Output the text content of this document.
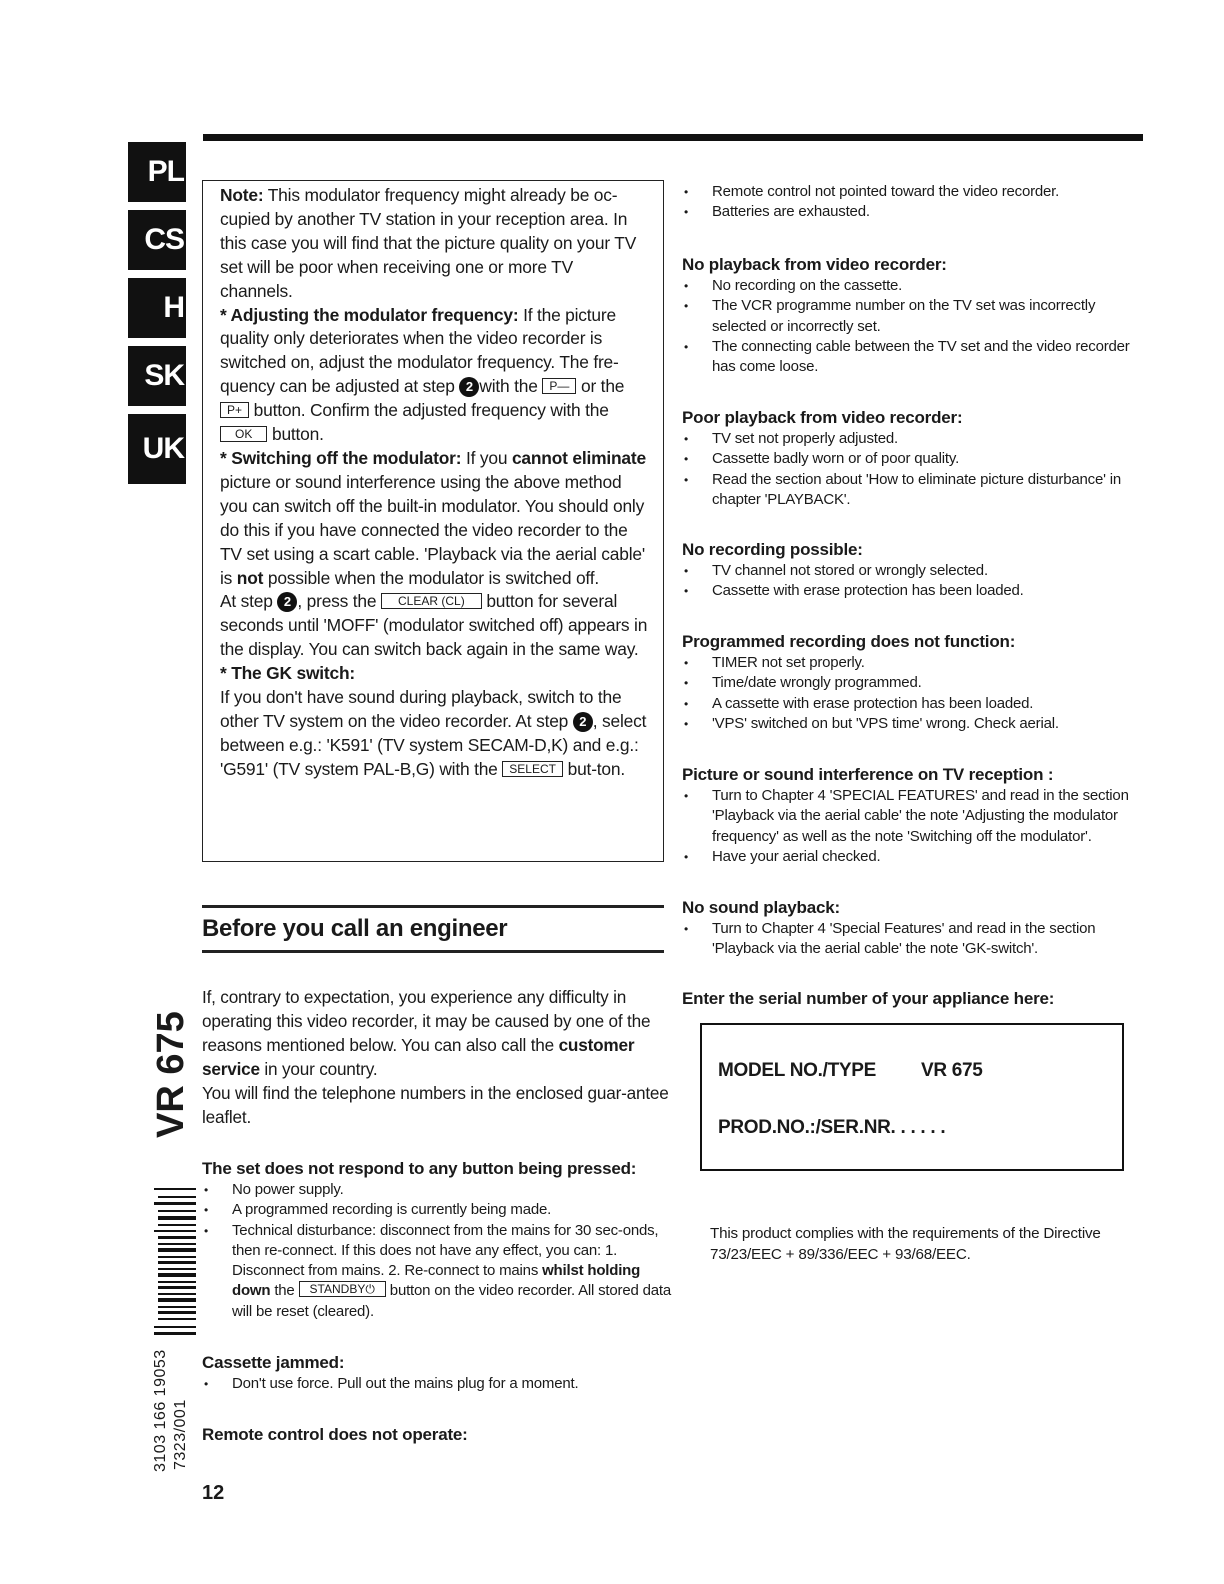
PL
CS
H
SK
UK

Note: This modulator frequency might already be oc-cupied by another TV station in your reception area. In this case you will find that the picture quality on your TV set will be poor when receiving one or more TV channels.

* Adjusting the modulator frequency: If the picture quality only deteriorates when the video recorder is switched on, adjust the modulator frequency. The fre-quency can be adjusted at step 2 with the P— or the P+ button. Confirm the adjusted frequency with the OK button.

* Switching off the modulator: If you cannot eliminate picture or sound interference using the above method you can switch off the built-in modulator. You should only do this if you have connected the video recorder to the TV set using a scart cable. 'Playback via the aerial cable' is not possible when the modulator is switched off.

At step 2 , press the CLEAR (CL) button for several seconds until 'MOFF' (modulator switched off) appears in the display. You can switch back again in the same way.

* The GK switch:

If you don't have sound during playback, switch to the other TV system on the video recorder. At step 2 , select between e.g.: 'K591' (TV system SECAM-D,K) and e.g.: 'G591' (TV system PAL-B,G) with the SELECT but-ton.

Before you call an engineer

If, contrary to expectation, you experience any difficulty in operating this video recorder, it may be caused by one of the reasons mentioned below. You can also call the customer service in your country.

You will find the telephone numbers in the enclosed guar-antee leaflet.

The set does not respond to any button being pressed:
• No power supply.
• A programmed recording is currently being made.
• Technical disturbance: disconnect from the mains for 30 sec-onds, then re-connect. If this does not have any effect, you can: 1. Disconnect from mains. 2. Re-connect to mains whilst holding down the STANDBY⏻ button on the video recorder. All stored data will be reset (cleared).
Cassette jammed:
• Don't use force. Pull out the mains plug for a moment.
Remote control does not operate:
• Remote control not pointed toward the video recorder.
• Batteries are exhausted.
No playback from video recorder:
• No recording on the cassette.
• The VCR programme number on the TV set was incorrectly selected or incorrectly set.
• The connecting cable between the TV set and the video recorder has come loose.
Poor playback from video recorder:
• TV set not properly adjusted.
• Cassette badly worn or of poor quality.
• Read the section about 'How to eliminate picture disturbance' in chapter 'PLAYBACK'.
No recording possible:
• TV channel not stored or wrongly selected.
• Cassette with erase protection has been loaded.
Programmed recording does not function:
• TIMER not set properly.
• Time/date wrongly programmed.
• A cassette with erase protection has been loaded.
• 'VPS' switched on but 'VPS time' wrong. Check aerial.
Picture or sound interference on TV reception :
• Turn to Chapter 4 'SPECIAL FEATURES' and read in the section 'Playback via the aerial cable' the note 'Adjusting the modulator frequency' as well as the note 'Switching off the modulator'.
• Have your aerial checked.
No sound playback:
• Turn to Chapter 4 'Special Features' and read in the section 'Playback via the aerial cable' the note 'GK-switch'.
Enter the serial number of your appliance here:
MODEL NO./TYPE VR 675
PROD.NO.:/SER.NR. . . . . .
This product complies with the requirements of the Directive 73/23/EEC + 89/336/EEC + 93/68/EEC.
VR 675
3103 166 19053 7323/001
12
